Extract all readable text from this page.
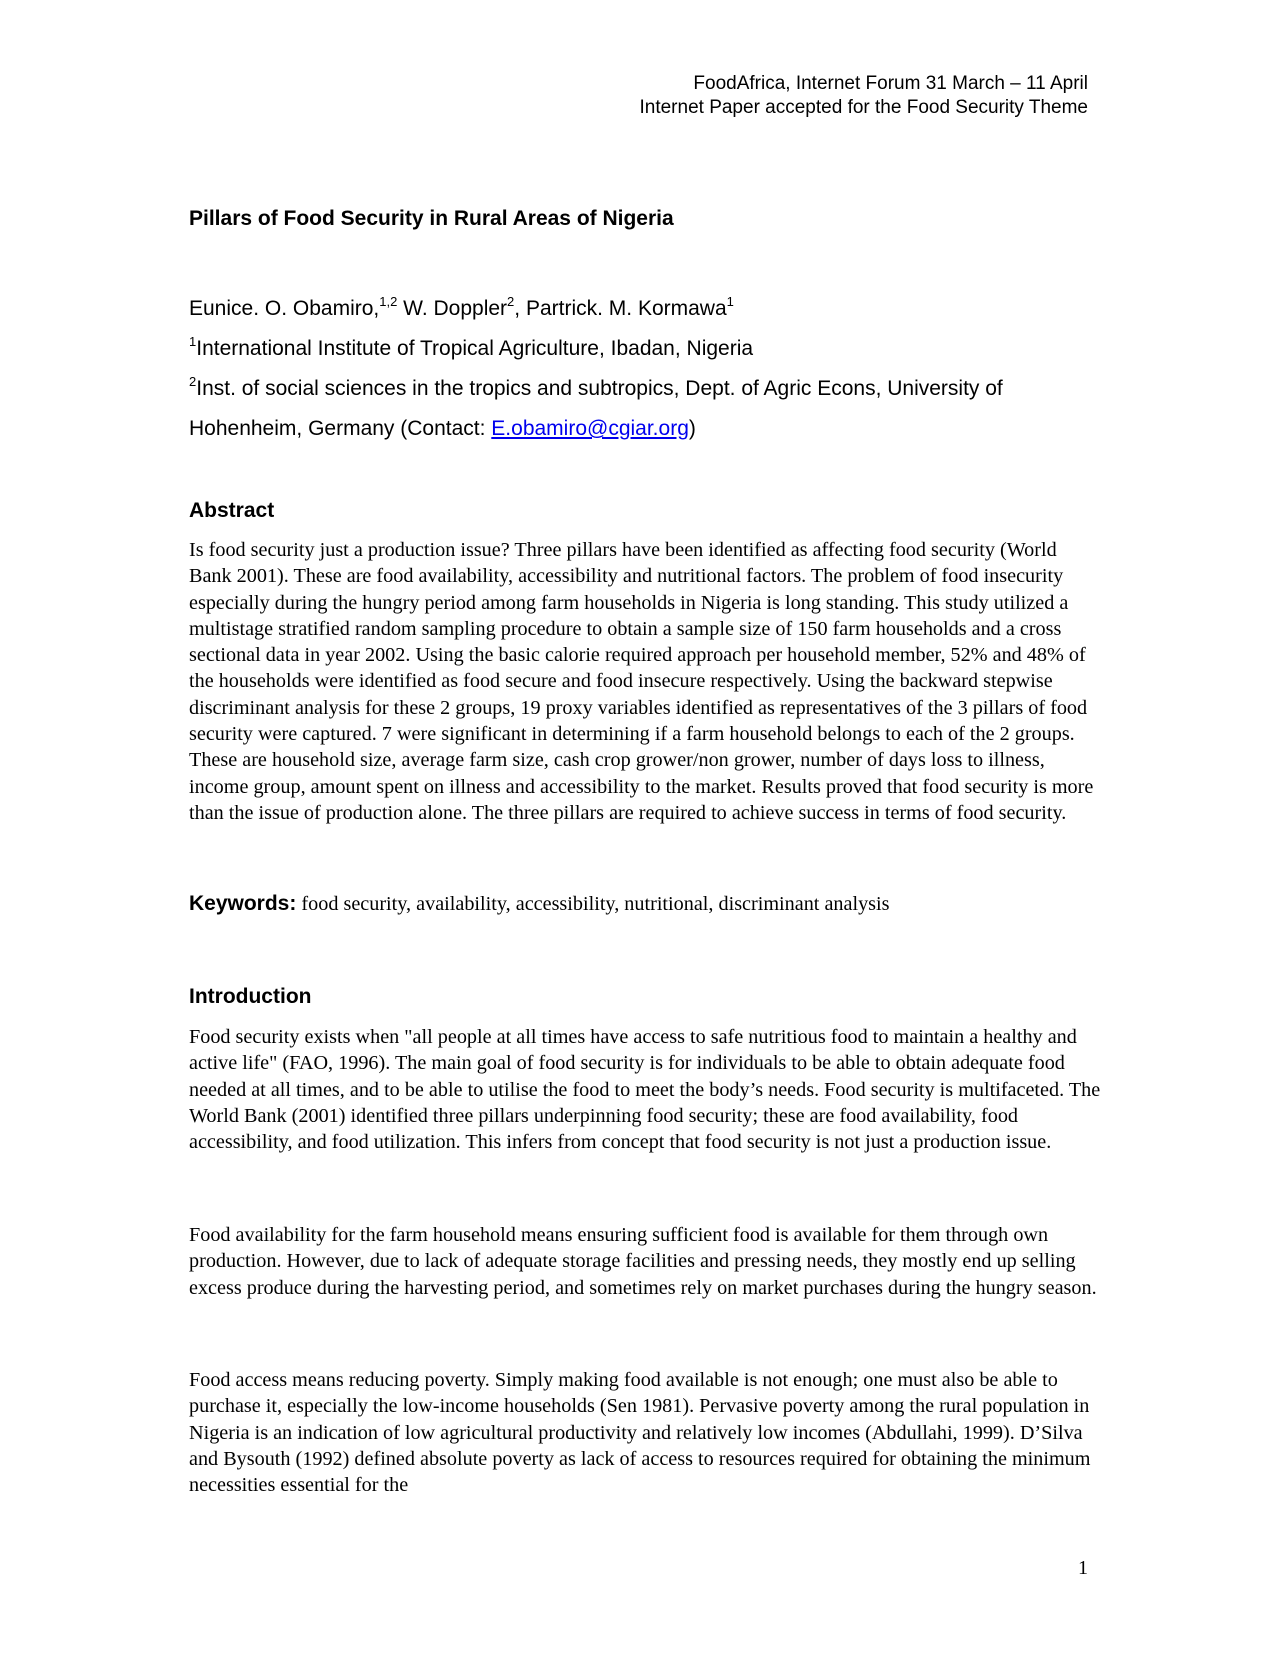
FoodAfrica, Internet Forum 31 March – 11 April
Internet Paper accepted for the Food Security Theme
Pillars of Food Security in Rural Areas of Nigeria
Eunice. O. Obamiro,$^{1,2}$ W. Doppler$^2$, Partrick. M. Kormawa$^1$
$^1$International Institute of Tropical Agriculture, Ibadan, Nigeria
$^2$Inst. of social sciences in the tropics and subtropics, Dept. of Agric Econs, University of
Hohenheim, Germany (Contact: E.obamiro@cgiar.org)
Abstract

Is food security just a production issue? Three pillars have been identified as affecting food security (World Bank 2001). These are food availability, accessibility and nutritional factors. The problem of food insecurity especially during the hungry period among farm households in Nigeria is long standing. This study utilized a multistage stratified random sampling procedure to obtain a sample size of 150 farm households and a cross sectional data in year 2002. Using the basic calorie required approach per household member, 52% and 48% of the households were identified as food secure and food insecure respectively. Using the backward stepwise discriminant analysis for these 2 groups, 19 proxy variables identified as representatives of the 3 pillars of food security were captured. 7 were significant in determining if a farm household belongs to each of the 2 groups. These are household size, average farm size, cash crop grower/non grower, number of days loss to illness, income group, amount spent on illness and accessibility to the market. Results proved that food security is more than the issue of production alone. The three pillars are required to achieve success in terms of food security.

Keywords: food security, availability, accessibility, nutritional, discriminant analysis

Introduction

Food security exists when "all people at all times have access to safe nutritious food to maintain a healthy and active life" (FAO, 1996). The main goal of food security is for individuals to be able to obtain adequate food needed at all times, and to be able to utilise the food to meet the body’s needs. Food security is multifaceted. The World Bank (2001) identified three pillars underpinning food security; these are food availability, food accessibility, and food utilization. This infers from concept that food security is not just a production issue.

Food availability for the farm household means ensuring sufficient food is available for them through own production. However, due to lack of adequate storage facilities and pressing needs, they mostly end up selling excess produce during the harvesting period, and sometimes rely on market purchases during the hungry season.

Food access means reducing poverty. Simply making food available is not enough; one must also be able to purchase it, especially the low-income households (Sen 1981). Pervasive poverty among the rural population in Nigeria is an indication of low agricultural productivity and relatively low incomes (Abdullahi, 1999). D’Silva and Bysouth (1992) defined absolute poverty as lack of access to resources required for obtaining the minimum necessities essential for the

1
